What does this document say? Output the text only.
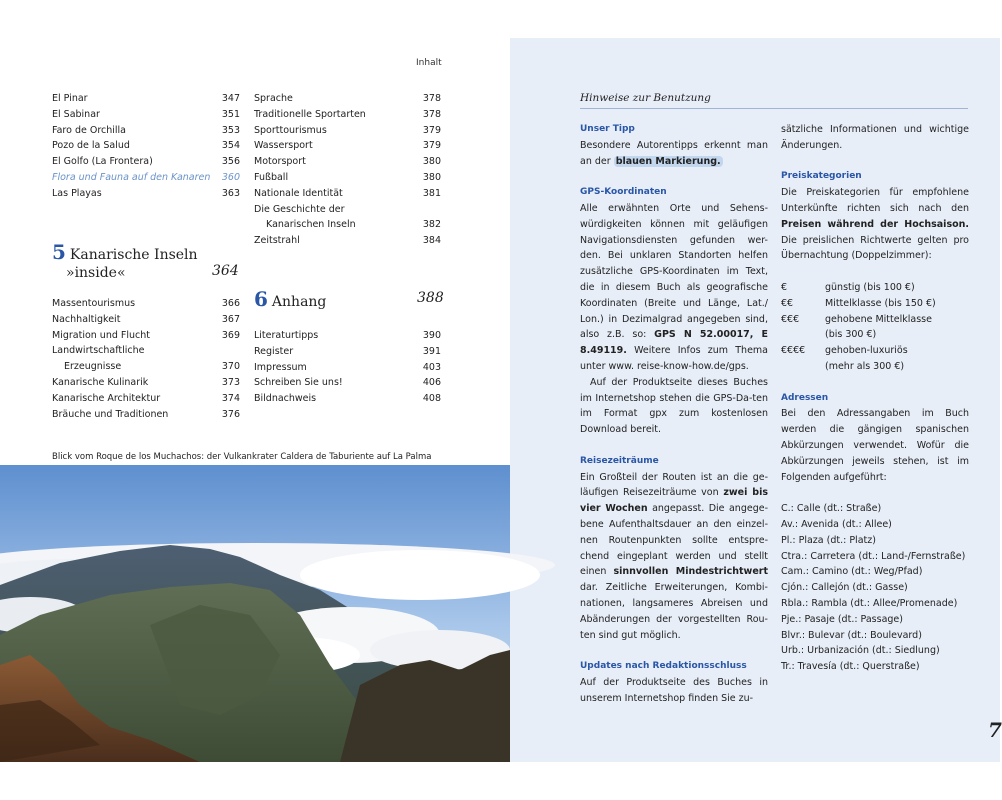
Inhalt
El Pinar	347
El Sabinar	351
Faro de Orchilla	353
Pozo de la Salud	354
El Golfo (La Frontera)	356
Flora und Fauna auf den Kanaren 360
Las Playas	363
5 Kanarische Inseln
»inside«	364
Massentourismus	366
Nachhaltigkeit	367
Migration und Flucht	369
Landwirtschaftliche
Erzeugnisse	370
Kanarische Kulinarik	373
Kanarische Architektur	374
Bräuche und Traditionen	376
Sprache	378
Traditionelle Sportarten	378
Sporttourismus	379
Wassersport	379
Motorsport	380
Fußball	380
Nationale Identität	381
Die Geschichte der
Kanarischen Inseln	382
Zeitstrahl	384
6 Anhang	388
Literaturtipps	390
Register	391
Impressum	403
Schreiben Sie uns!	406
Bildnachweis	408
Blick vom Roque de los Muchachos: der Vulkankrater Caldera de Taburiente auf La Palma
Hinweise zur Benutzung
Unser Tipp

Besondere Autorentipps erkennt man an der blauen Markierung.

GPS-Koordinaten

Alle erwähnten Orte und Sehens-würdigkeiten können mit geläufigen Navigationsdiensten gefunden wer-den. Bei unklaren Standorten helfen zusätzliche GPS-Koordinaten im Text, die in diesem Buch als geografische Koordinaten (Breite und Länge, Lat./ Lon.) in Dezimalgrad angegeben sind, also z.B. so: GPS N 52.00017, E 8.49119. Weitere Infos zum Thema unter www. reise-know-how.de/gps.

Auf der Produktseite dieses Buches im Internetshop stehen die GPS-Da-ten im Format gpx zum kostenlosen Download bereit.

Reisezeiträume

Ein Großteil der Routen ist an die ge-läufigen Reisezeiträume von zwei bis vier Wochen angepasst. Die angege-bene Aufenthaltsdauer an den einzel-nen Routenpunkten sollte entspre-chend eingeplant werden und stellt einen sinnvollen Mindestrichtwert dar. Zeitliche Erweiterungen, Kombi-nationen, langsameres Abreisen und Abänderungen der vorgestellten Rou-ten sind gut möglich.

Updates nach Redaktionsschluss

Auf der Produktseite des Buches in unserem Internetshop finden Sie zu-

sätzliche Informationen und wichtige Änderungen.

Preiskategorien

Die Preiskategorien für empfohlene Unterkünfte richten sich nach den Preisen während der Hochsaison. Die preislichen Richtwerte gelten pro Übernachtung (Doppelzimmer):

€	günstig (bis 100 €)
€€	Mittelklasse (bis 150 €)
€€€	gehobene Mittelklasse
(bis 300 €)
€€€€	gehoben-luxuriös
(mehr als 300 €)
Adressen

Bei den Adressangaben im Buch werden die gängigen spanischen Abkürzungen verwendet. Wofür die Abkürzungen jeweils stehen, ist im Folgenden aufgeführt:

C.: Calle (dt.: Straße)
Av.: Avenida (dt.: Allee)
Pl.: Plaza (dt.: Platz)
Ctra.: Carretera (dt.: Land-/Fernstraße)
Cam.: Camino (dt.: Weg/Pfad)
Cjón.: Callejón (dt.: Gasse)
Rbla.: Rambla (dt.: Allee/Promenade)
Pje.: Pasaje (dt.: Passage)
Blvr.: Bulevar (dt.: Boulevard)
Urb.: Urbanización (dt.: Siedlung)
Tr.: Travesía (dt.: Querstraße)
7
